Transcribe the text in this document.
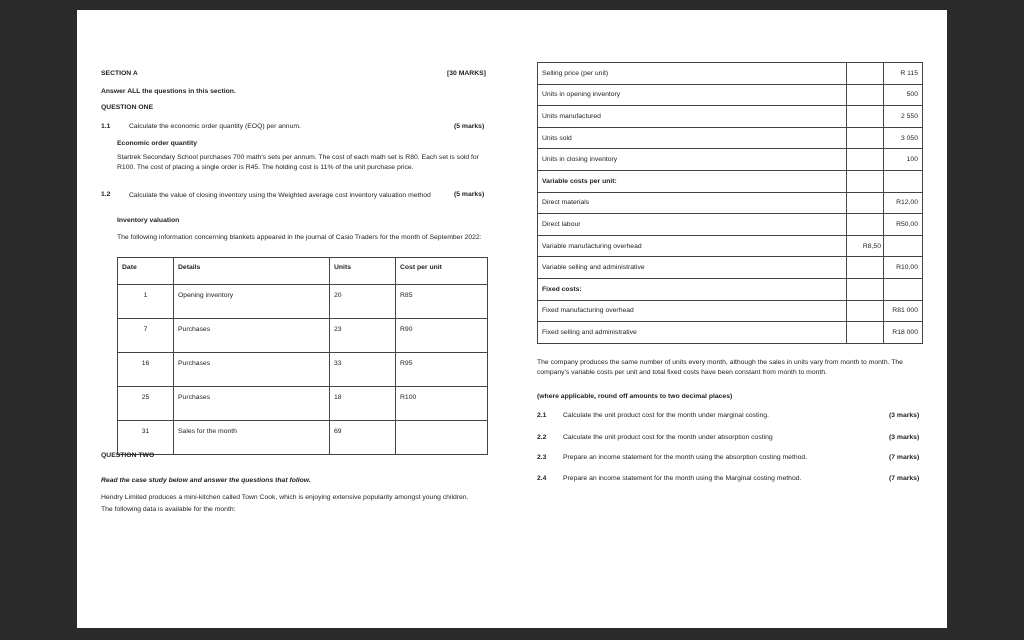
SECTION A	[30 MARKS]
Answer ALL the questions in this section.
QUESTION ONE
1.1	Calculate the economic order quantity (EOQ) per annum.	(5 marks)
Economic order quantity
Startrek Secondary School purchases 700 math's sets per annum. The cost of each math set is R80. Each set is sold for R100. The cost of placing a single order is R45. The holding cost is 11% of the unit purchase price.
1.2	Calculate the value of closing inventory using the Weighted average cost inventory valuation method	(5 marks)
Inventory valuation
The following information concerning blankets appeared in the journal of Casio Traders for the month of September 2022:
Date	Details	Units	Cost per unit
1	Opening inventory	20	R85
7	Purchases	23	R90
16	Purchases	33	R95
25	Purchases	18	R100
31	Sales for the month	69	
QUESTION TWO
Read the case study below and answer the questions that follow.
Hendry Limited produces a mini-kitchen called Town Cook, which is enjoying extensive popularity amongst young children.
The following data is available for the month:
Selling price (per unit)		R 115
Units in opening inventory		500
Units manufactured		2 550
Units sold		3 050
Units in closing inventory		100
Variable costs per unit:		
Direct materials		R12,00
Direct labour		R50,00
Variable manufacturing overhead	R8,50	
Variable selling and administrative		R10,00
Fixed costs:		
Fixed manufacturing overhead		R81 000
Fixed selling and administrative		R18 000
The company produces the same number of units every month, although the sales in units vary from month to month. The company's variable costs per unit and total fixed costs have been constant from month to month.
(where applicable, round off amounts to two decimal places)
2.1 Calculate the unit product cost for the month under marginal costing.	(3 marks)
2.2 Calculate the unit product cost for the month under absorption costing	(3 marks)
2.3 Prepare an income statement for the month using the absorption costing method.	(7 marks)
2.4 Prepare an income statement for the month using the Marginal costing method.	(7 marks)
